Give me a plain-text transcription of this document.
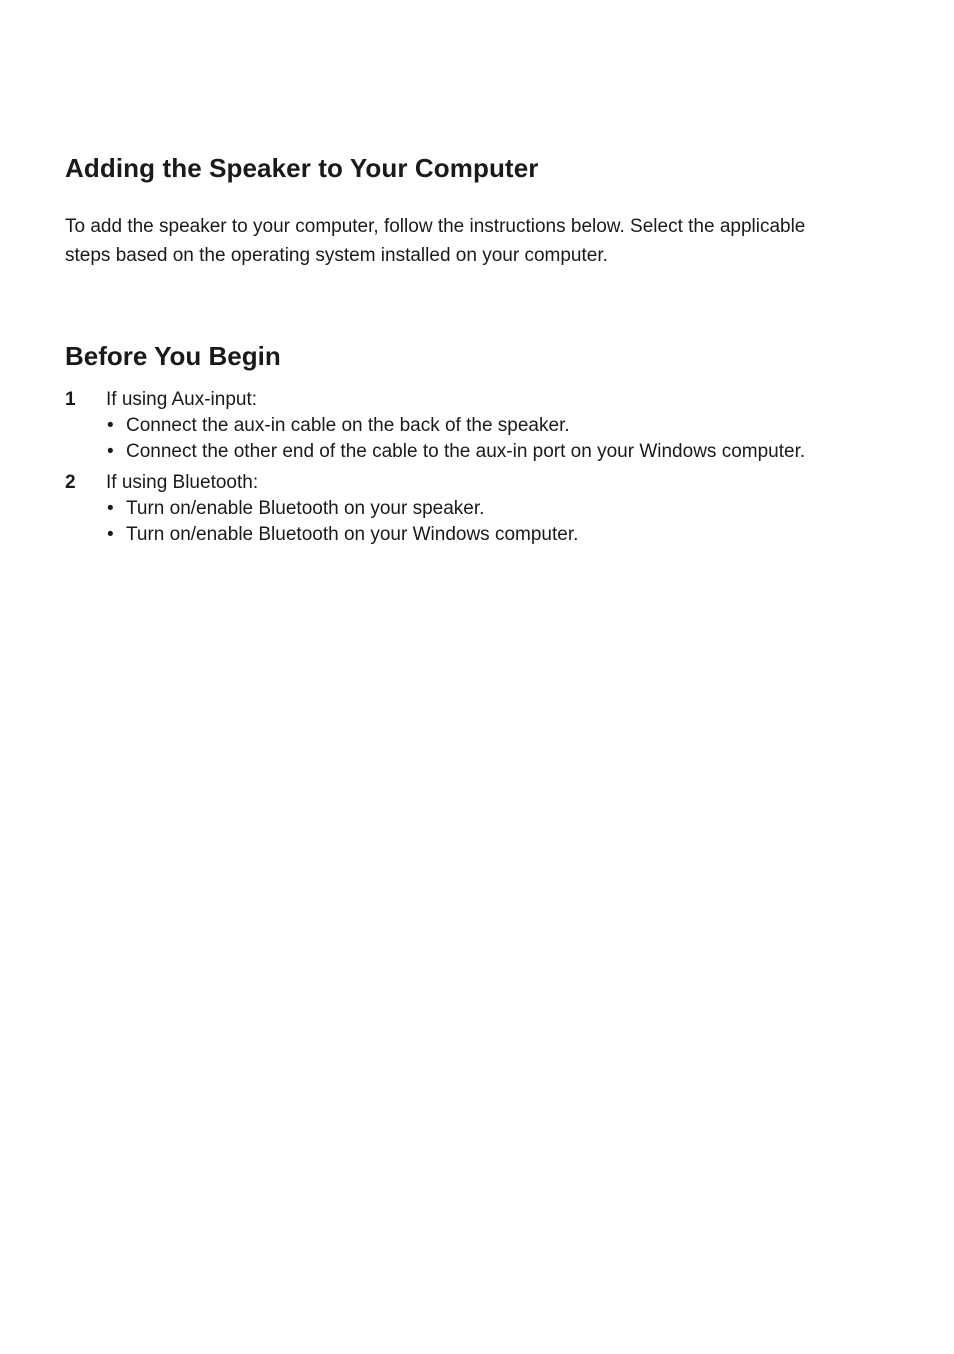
Adding the Speaker to Your Computer

To add the speaker to your computer, follow the instructions below. Select the applicable steps based on the operating system installed on your computer.

Before You Begin
1 If using Aux-input:
• Connect the aux-in cable on the back of the speaker.
• Connect the other end of the cable to the aux-in port on your Windows computer.
2 If using Bluetooth:
• Turn on/enable Bluetooth on your speaker.
• Turn on/enable Bluetooth on your Windows computer.
